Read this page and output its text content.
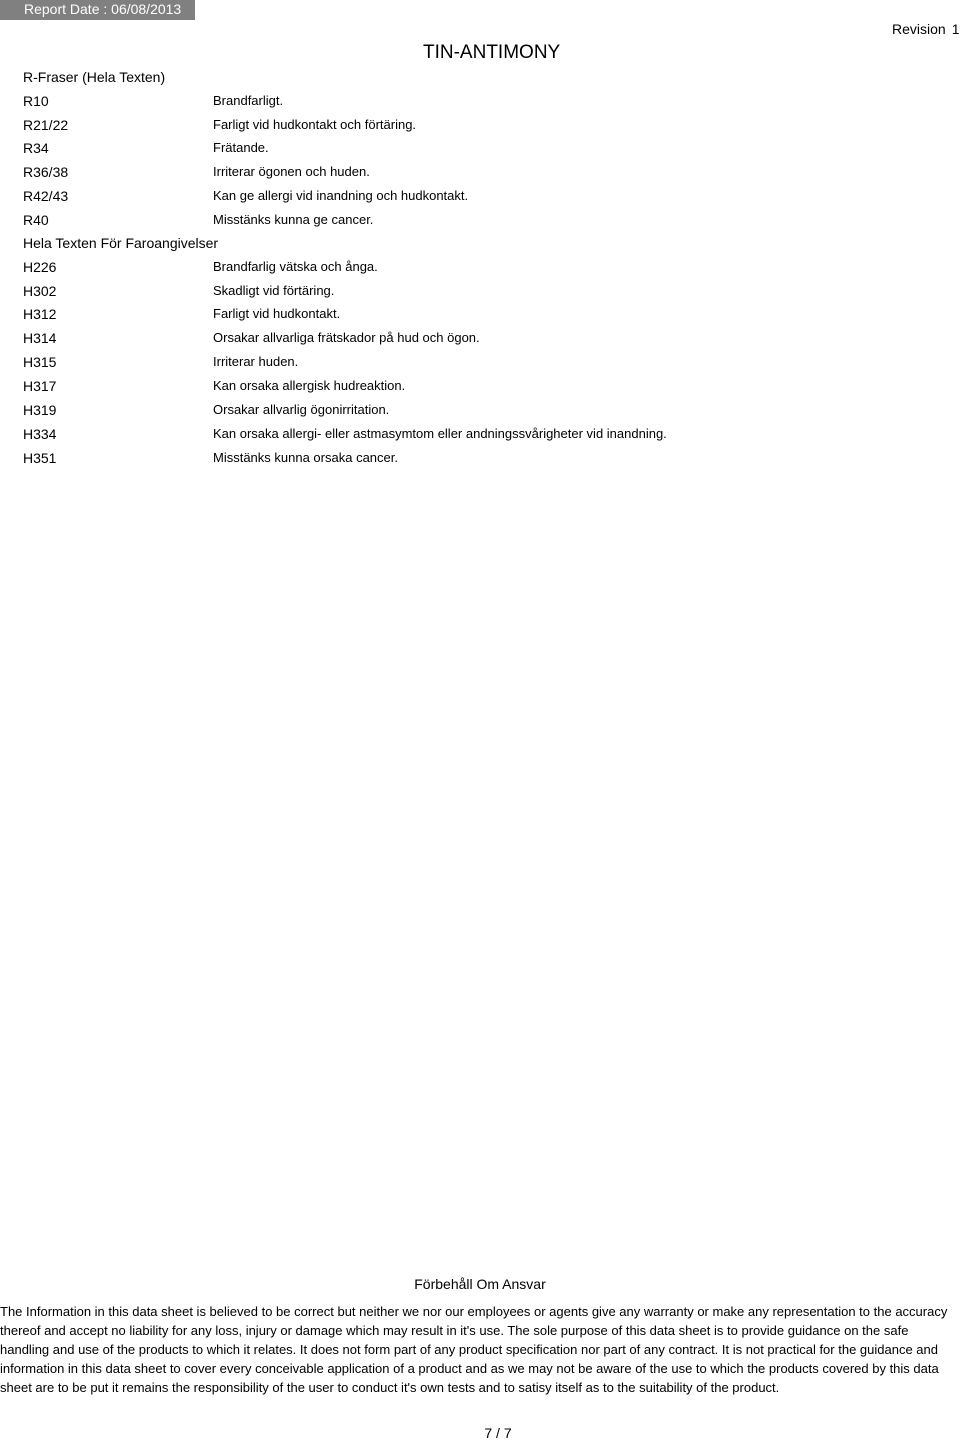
Report Date : 06/08/2013
TIN-ANTIMONY
Revision 1
R-Fraser (Hela Texten)
R10	Brandfarligt.
R21/22	Farligt vid hudkontakt och förtäring.
R34	Frätande.
R36/38	Irriterar ögonen och huden.
R42/43	Kan ge allergi vid inandning och hudkontakt.
R40	Misstänks kunna ge cancer.
Hela Texten För Faroangivelser
H226	Brandfarlig vätska och ånga.
H302	Skadligt vid förtäring.
H312	Farligt vid hudkontakt.
H314	Orsakar allvarliga frätskador på hud och ögon.
H315	Irriterar huden.
H317	Kan orsaka allergisk hudreaktion.
H319	Orsakar allvarlig ögonirritation.
H334	Kan orsaka allergi- eller astmasymtom eller andningssvårigheter vid inandning.
H351	Misstänks kunna orsaka cancer.
Förbehåll Om Ansvar
The Information in this data sheet is believed to be correct but neither we nor our employees or agents give any warranty or make any representation to the accuracy thereof and accept no liability for any loss, injury or damage which may result in it's use. The sole purpose of this data sheet is to provide guidance on the safe handling and use of the products to which it relates. It does not form part of any product specification nor part of any contract. It is not practical for the guidance and information in this data sheet to cover every conceivable application of a product and as we may not be aware of the use to which the products covered by this data sheet are to be put it remains the responsibility of the user to conduct it's own tests and to satisy itself as to the suitability of the product.
7 / 7
